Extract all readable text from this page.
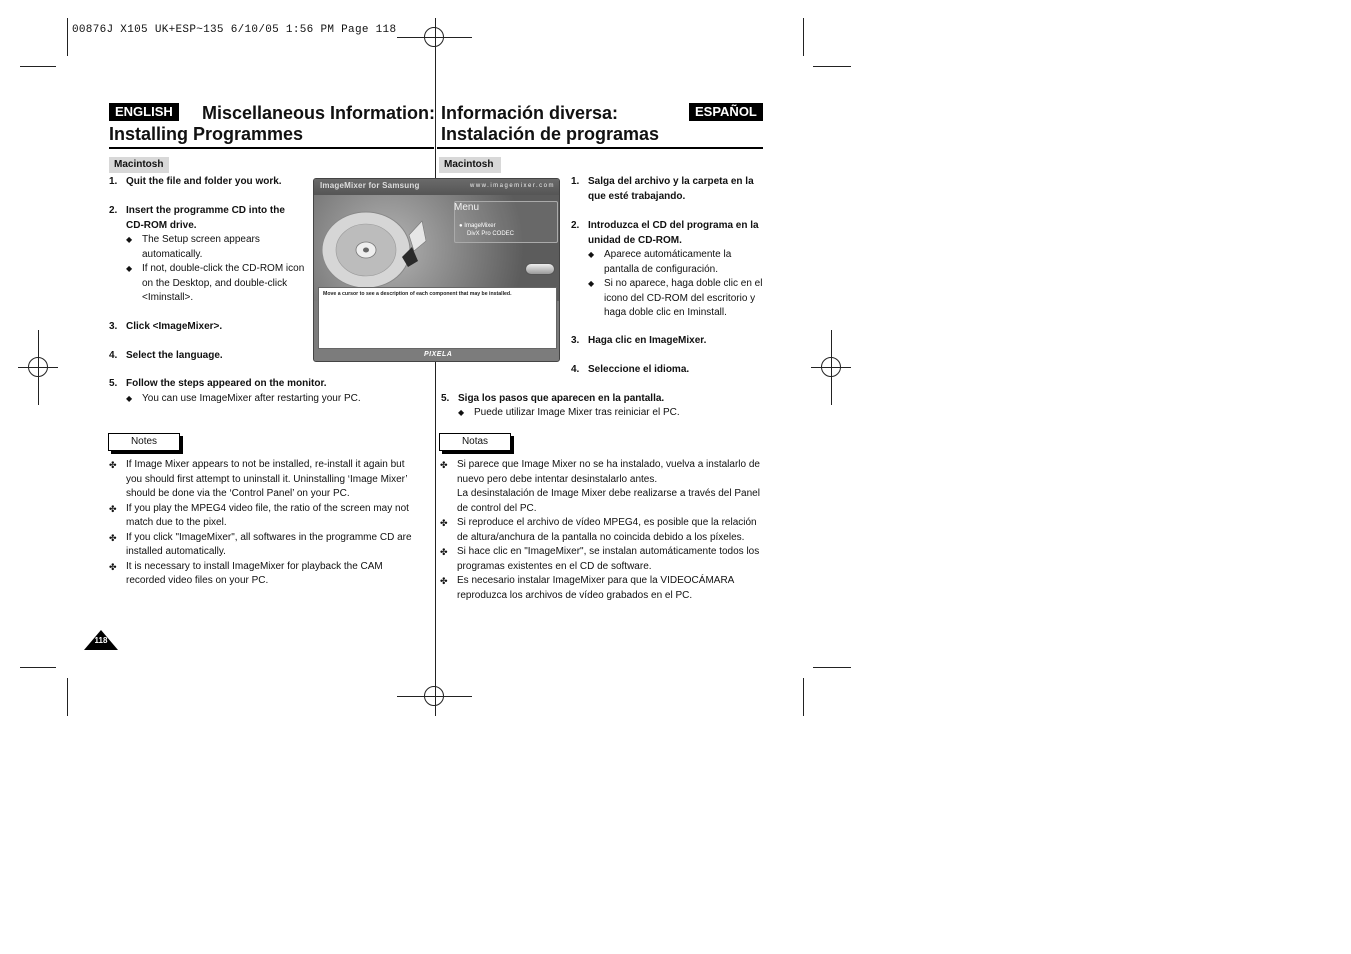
00876J X105 UK+ESP~135 6/10/05 1:56 PM Page 118
ENGLISH	Miscellaneous Information:
Installing Programmes
Información diversa:	ESPAÑOL
Instalación de programas
Macintosh	Macintosh
1. Quit the file and folder you work.
2. Insert the programme CD into the
CD-ROM drive.
◆ The Setup screen appears automatically.
◆ If not, double-click the CD-ROM icon on the Desktop, and double-click <Iminstall>.
3. Click <ImageMixer>.
4. Select the language.
5. Follow the steps appeared on the monitor.
◆ You can use ImageMixer after restarting your PC.
ImageMixer for Samsung	www.imagemixer.com
Menu
● ImageMixer
DivX Pro CODEC
Move a cursor to see a description of each component that may be installed.
PIXELA
1. Salga del archivo y la carpeta en la
que esté trabajando.
2. Introduzca el CD del programa en la
unidad de CD-ROM.
◆ Aparece automáticamente la pantalla de configuración.
◆ Si no aparece, haga doble clic en el icono del CD-ROM del escritorio y haga doble clic en Iminstall.
3. Haga clic en ImageMixer.
4. Seleccione el idioma.
5. Siga los pasos que aparecen en la pantalla.
◆ Puede utilizar Image Mixer tras reiniciar el PC.
Notes	Notas
✤ If Image Mixer appears to not be installed, re-install it again but you should first attempt to uninstall it. Uninstalling ‘Image Mixer’ should be done via the ‘Control Panel’ on your PC.
✤ If you play the MPEG4 video file, the ratio of the screen may not match due to the pixel.
✤ If you click "ImageMixer", all softwares in the programme CD are installed automatically.
✤ It is necessary to install ImageMixer for playback the CAM recorded video files on your PC.
✤ Si parece que Image Mixer no se ha instalado, vuelva a instalarlo de nuevo pero debe intentar desinstalarlo antes.
La desinstalación de Image Mixer debe realizarse a través del Panel de control del PC.
✤ Si reproduce el archivo de vídeo MPEG4, es posible que la relación de altura/anchura de la pantalla no coincida debido a los píxeles.
✤ Si hace clic en "ImageMixer", se instalan automáticamente todos los programas existentes en el CD de software.
✤ Es necesario instalar ImageMixer para que la VIDEOCÁMARA reproduzca los archivos de vídeo grabados en el PC.
118
